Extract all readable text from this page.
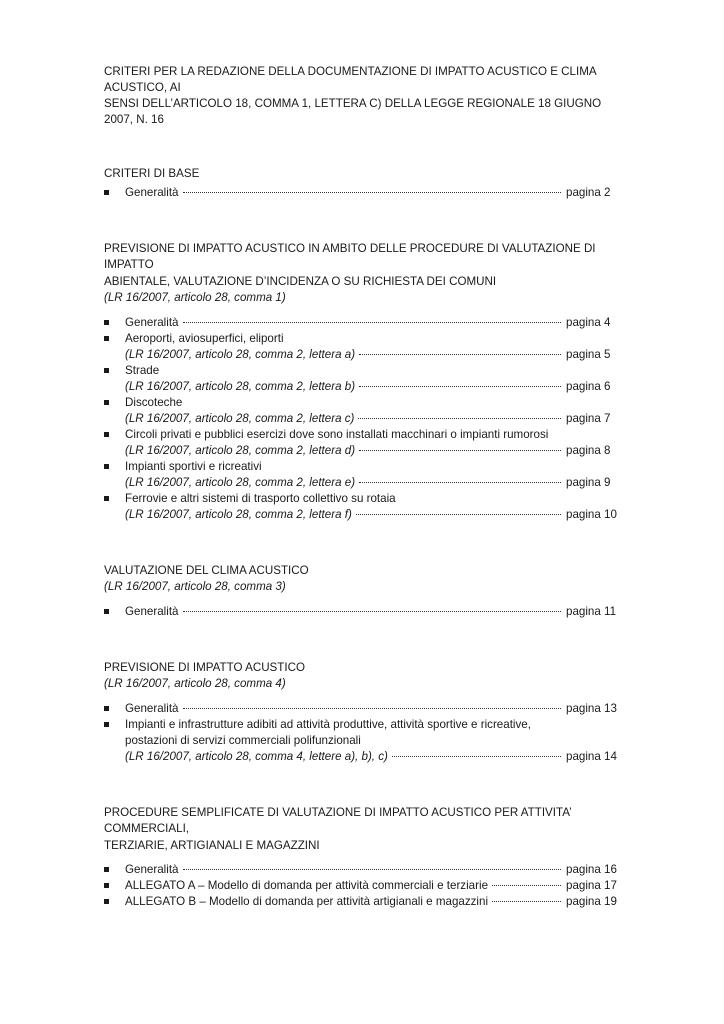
CRITERI PER LA REDAZIONE DELLA DOCUMENTAZIONE DI IMPATTO ACUSTICO E CLIMA ACUSTICO, AI
SENSI DELL’ARTICOLO 18, COMMA 1, LETTERA C) DELLA LEGGE REGIONALE 18 GIUGNO 2007, N. 16

CRITERI DI BASE
Generalità	pagina 2
PREVISIONE DI IMPATTO ACUSTICO IN AMBITO DELLE PROCEDURE DI VALUTAZIONE DI IMPATTO
ABIENTALE, VALUTAZIONE D’INCIDENZA O SU RICHIESTA DEI COMUNI
(LR 16/2007, articolo 28, comma 1)
Generalità	pagina 4
Aeroporti, aviosuperfici, eliporti
(LR 16/2007, articolo 28, comma 2, lettera a)	pagina 5
Strade
(LR 16/2007, articolo 28, comma 2, lettera b)	pagina 6
Discoteche
(LR 16/2007, articolo 28, comma 2, lettera c)	pagina 7
Circoli privati e pubblici esercizi dove sono installati macchinari o impianti rumorosi
(LR 16/2007, articolo 28, comma 2, lettera d)	pagina 8
Impianti sportivi e ricreativi
(LR 16/2007, articolo 28, comma 2, lettera e)	pagina 9
Ferrovie e altri sistemi di trasporto collettivo su rotaia
(LR 16/2007, articolo 28, comma 2, lettera f)	pagina 10
VALUTAZIONE DEL CLIMA ACUSTICO
(LR 16/2007, articolo 28, comma 3)
Generalità	pagina 11
PREVISIONE DI IMPATTO ACUSTICO
(LR 16/2007, articolo 28, comma 4)
Generalità	pagina 13
Impianti e infrastrutture adibiti ad attività produttive, attività sportive e ricreative,
postazioni di servizi commerciali polifunzionali
(LR 16/2007, articolo 28, comma 4, lettere a), b), c)	pagina 14
PROCEDURE SEMPLIFICATE DI VALUTAZIONE DI IMPATTO ACUSTICO PER ATTIVITA’ COMMERCIALI,
TERZIARIE, ARTIGIANALI E MAGAZZINI
Generalità	pagina 16
ALLEGATO A – Modello di domanda per attività commerciali e terziarie	pagina 17
ALLEGATO B – Modello di domanda per attività artigianali e magazzini	pagina 19
